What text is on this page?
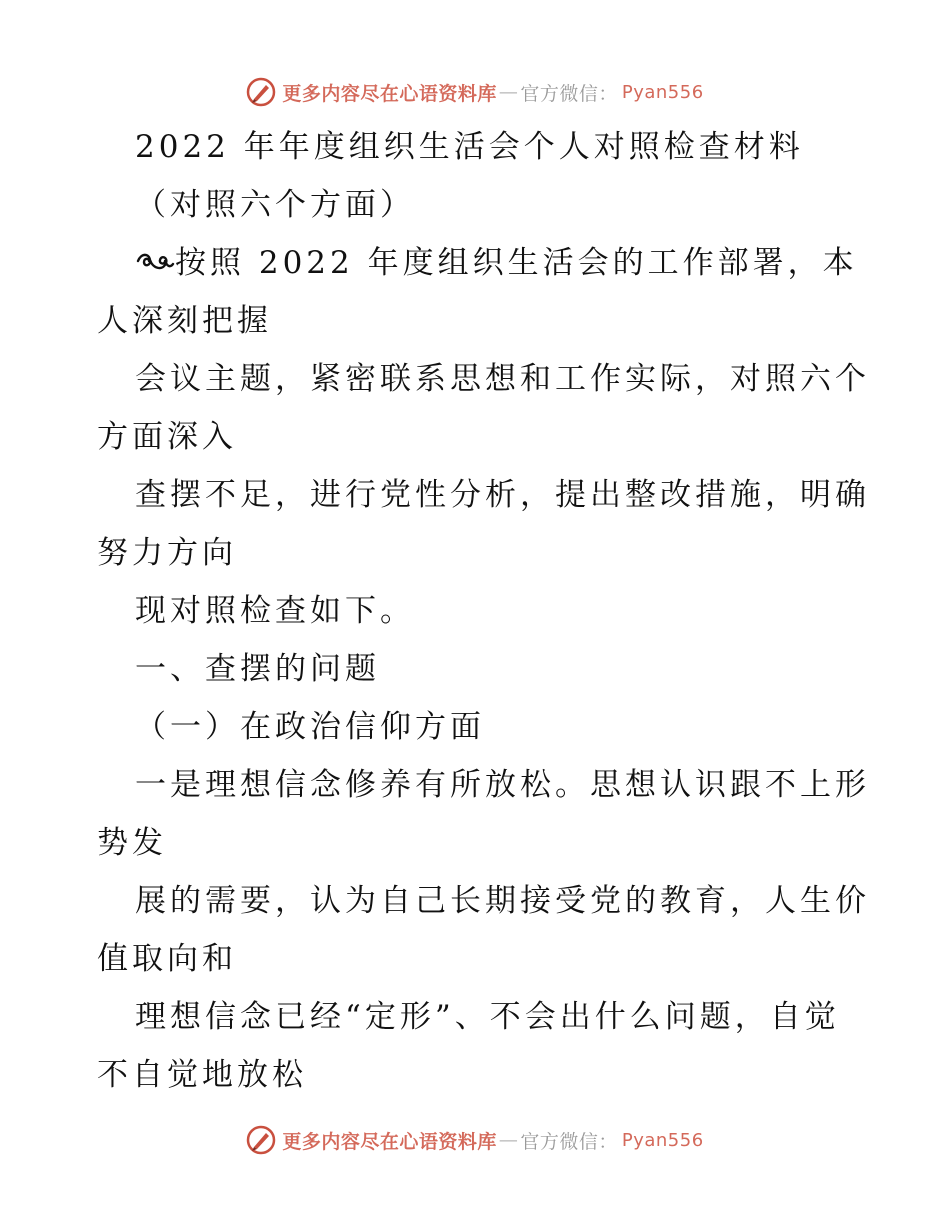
更多内容尽在心语资料库 — 官方微信： Pyan556
2022 年年度组织生活会个人对照检查材料
（对照六个方面）
按照 2022 年度组织生活会的工作部署，本
人深刻把握
会议主题，紧密联系思想和工作实际，对照六个
方面深入
查摆不足，进行党性分析，提出整改措施，明确
努力方向
现对照检查如下。
一、查摆的问题
（一）在政治信仰方面
一是理想信念修养有所放松。思想认识跟不上形
势发
展的需要，认为自己长期接受党的教育，人生价
值取向和
理想信念已经“定形”、不会出什么问题，自觉
不自觉地放松
更多内容尽在心语资料库 — 官方微信： Pyan556
